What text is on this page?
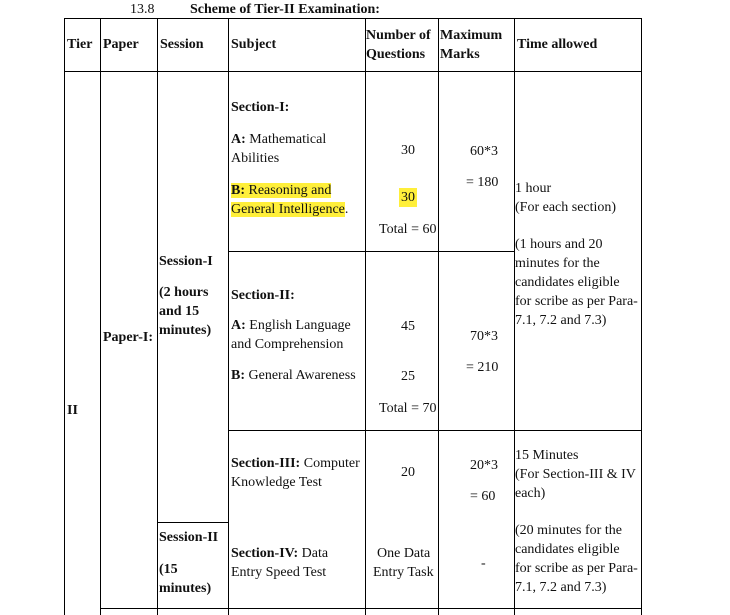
13.8	Scheme of Tier-II Examination:
Tier Paper Session Subject
Number of
Questions
Maximum
Marks
Time allowed
II
Paper-I:
Session-I
(2 hours
and 15
minutes)
Session-II
(15
minutes)
Section-I:
A: Mathematical
Abilities
B: Reasoning and
General Intelligence.
30
30
Total = 60
60*3
= 180
Section-II:
A: English Language
and Comprehension
B: General Awareness
45
25
Total = 70
70*3
= 210
Section-III: Computer
Knowledge Test
20	20*3
= 60
Section-IV: Data
Entry Speed Test
One Data
Entry Task
-
1 hour
(For each section)
(1 hours and 20
minutes for the
candidates eligible
for scribe as per Para-
7.1, 7.2 and 7.3)
15 Minutes
(For Section-III & IV
each)
(20 minutes for the
candidates eligible
for scribe as per Para-
7.1, 7.2 and 7.3)
